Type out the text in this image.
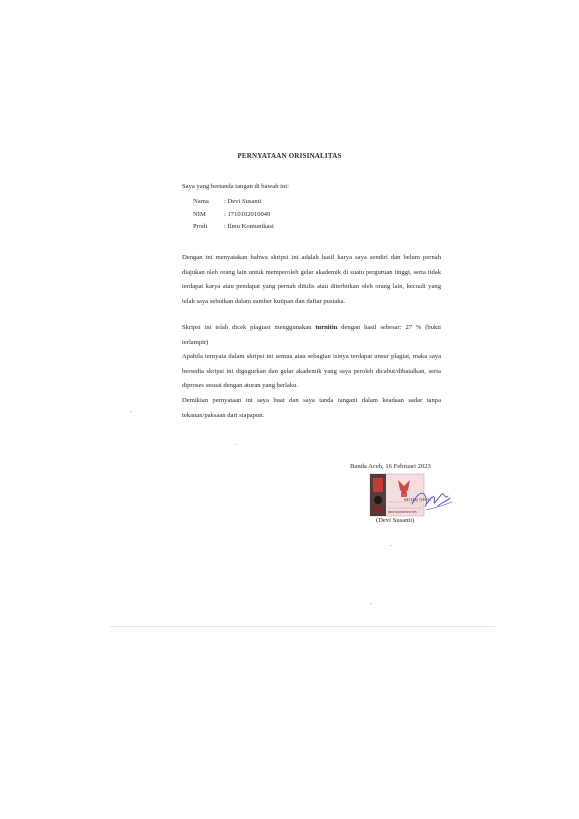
PERNYATAAN ORISINALITAS
Saya yang bertanda tangan di bawah ini:
Nama : Devi Susanti
NIM	: 1710102010049
Prodi	: Ilmu Komunikasi
Dengan ini menyatakan bahwa skripsi ini adalah hasil karya saya sendiri dan belum pernah diajukan oleh orang lain untuk memperoleh gelar akademik di suatu perguruan tinggi, serta tidak terdapat karya atau pendapat yang pernah ditulis atau diterbitkan oleh orang lain, kecuali yang telah saya sebutkan dalam sumber kutipan dan daftar pustaka.
Skripsi ini telah dicek plagiasi menggunakan turnitin dengan hasil sebesar: 27 % (bukti terlampir)
Apabila ternyata dalam skripsi ini semua atau sebagian isinya terdapat unsur plagiat, maka saya bersedia skripsi ini digugurkan dan gelar akademik yang saya peroleh dicabut/dibatalkan, serta diproses sesuai dengan aturan yang berlaku.
Demikian pernyataan ini saya buat dan saya tanda tangani dalam keadaan sadar tanpa tekanan/paksaan dari siapapun.
Banda Aceh, 16 Februari 2023
METERAI TEMPEL
68CE7AKX405557705
(Devi Susanti)
